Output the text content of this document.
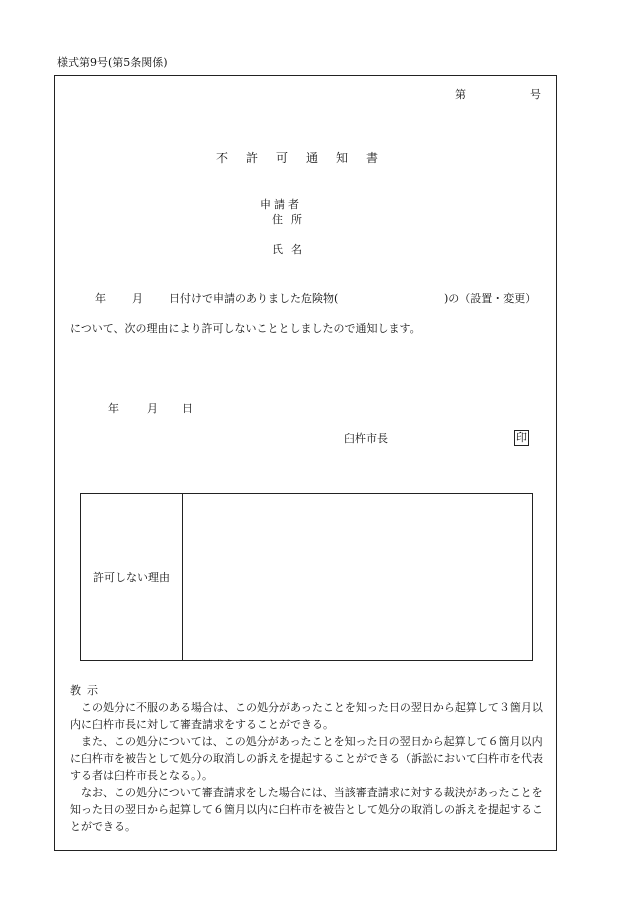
様式第9号(第5条関係)
第	号
不許可通知書
申請者
住所
氏名
年 月 日付けで申請のありました危険物(	)の（設置・変更）
について、次の理由により許可しないこととしましたので通知します。
年	月 日
臼杵市長	印
許可しない理由

教示

この処分に不服のある場合は、この処分があったことを知った日の翌日から起算して３箇月以内に臼杵市長に対して審査請求をすることができる。

また、この処分については、この処分があったことを知った日の翌日から起算して６箇月以内に臼杵市を被告として処分の取消しの訴えを提起することができる（訴訟において臼杵市を代表する者は臼杵市長となる。）。

なお、この処分について審査請求をした場合には、当該審査請求に対する裁決があったことを知った日の翌日から起算して６箇月以内に臼杵市を被告として処分の取消しの訴えを提起することができる。
